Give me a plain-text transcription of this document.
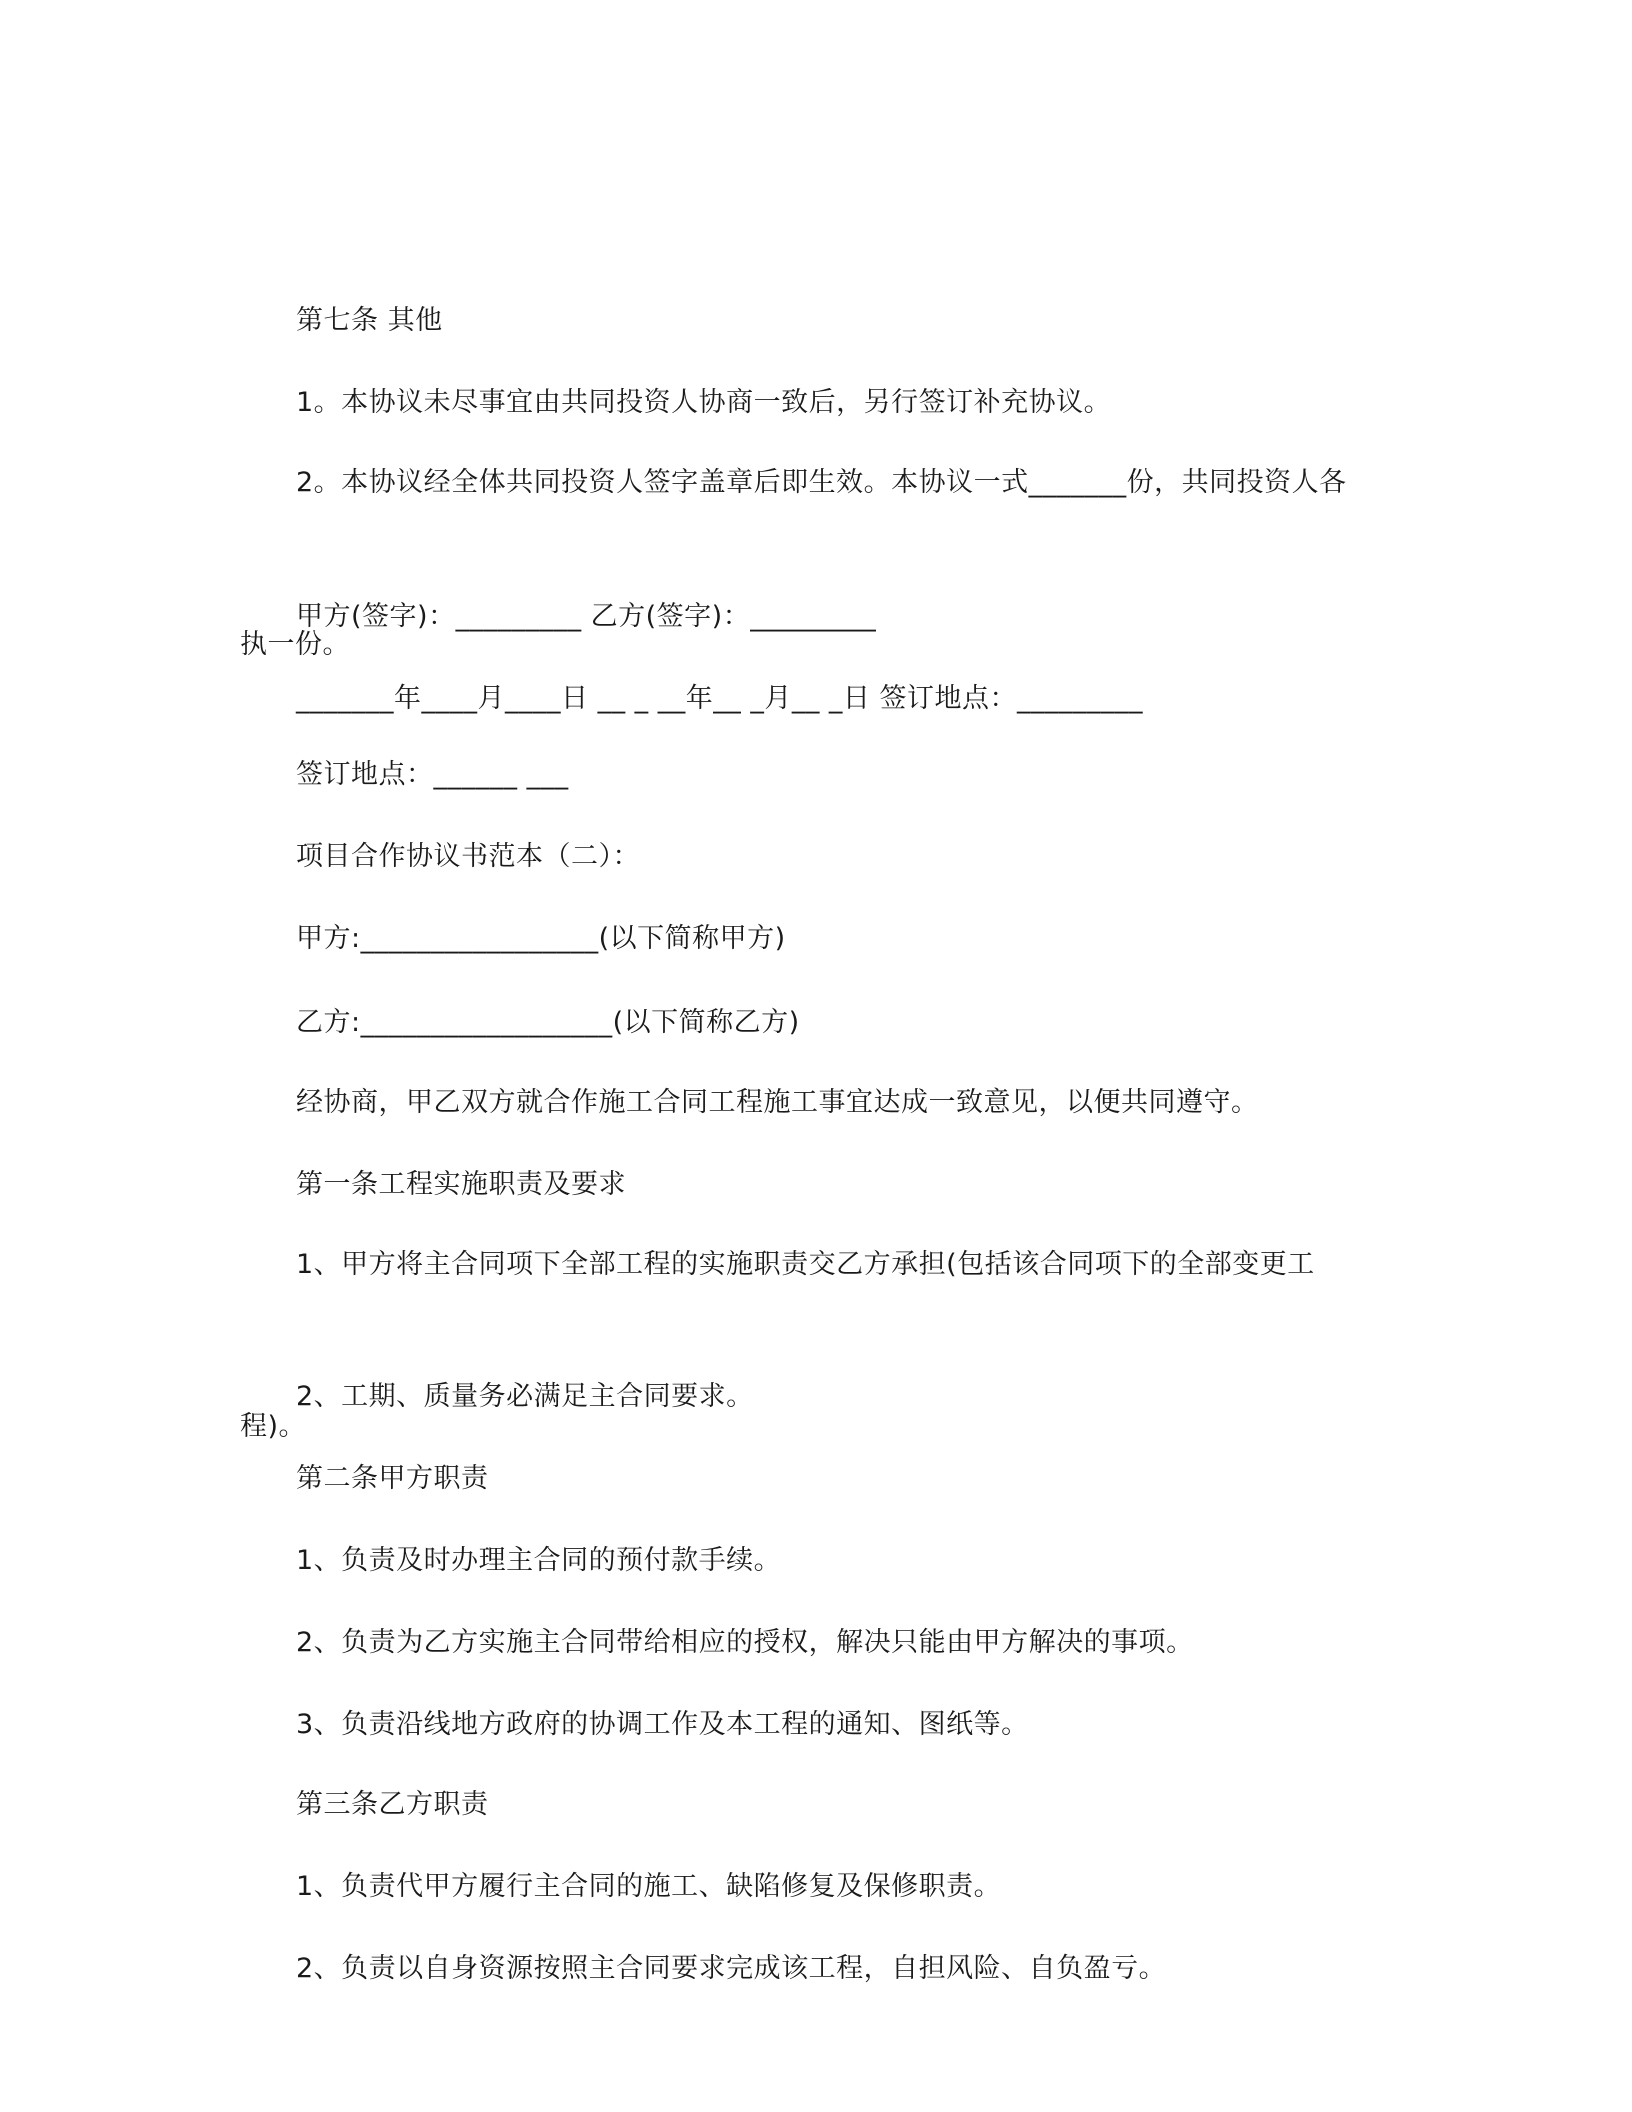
第七条 其他

1。本协议未尽事宜由共同投资人协商一致后，另行签订补充协议。

2。本协议经全体共同投资人签字盖章后即生效。本协议一式_______份，共同投资人各

执一份。

甲方(签字)：_________ 乙方(签字)：_________

_______年____月____日 __ _ __年__ _月__ _日 签订地点：_________

签订地点：______ ___

项目合作协议书范本（二）：

甲方:_________________(以下简称甲方)

乙方:__________________(以下简称乙方)

经协商，甲乙双方就合作施工合同工程施工事宜达成一致意见，以便共同遵守。

第一条工程实施职责及要求

1、甲方将主合同项下全部工程的实施职责交乙方承担(包括该合同项下的全部变更工

程)。

2、工期、质量务必满足主合同要求。

第二条甲方职责

1、负责及时办理主合同的预付款手续。

2、负责为乙方实施主合同带给相应的授权，解决只能由甲方解决的事项。

3、负责沿线地方政府的协调工作及本工程的通知、图纸等。

第三条乙方职责

1、负责代甲方履行主合同的施工、缺陷修复及保修职责。

2、负责以自身资源按照主合同要求完成该工程，自担风险、自负盈亏。
